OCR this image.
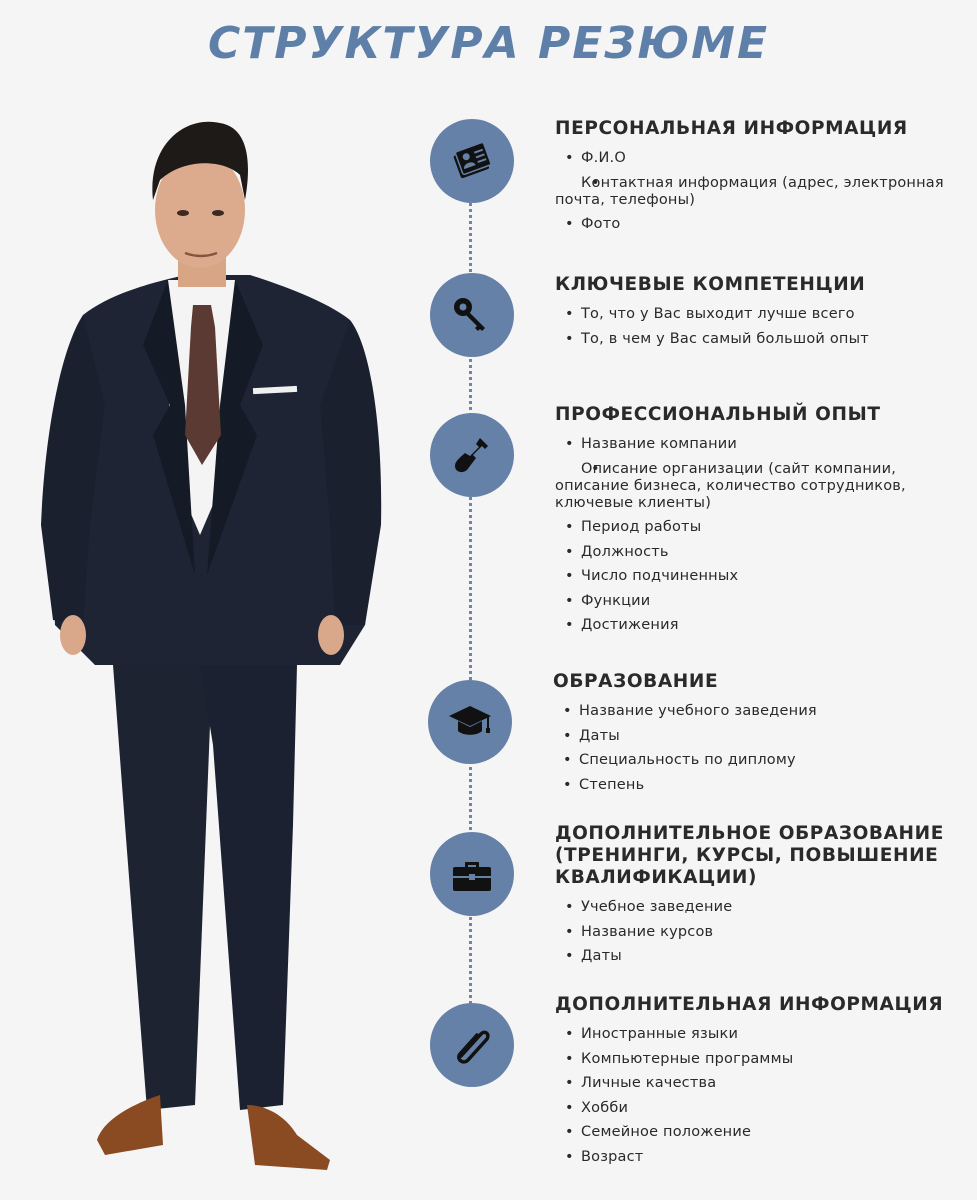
СТРУКТУРА РЕЗЮМЕ
ПЕРСОНАЛЬНАЯ ИНФОРМАЦИЯ
• Ф.И.О
• Контактная информация (адрес, электронная почта, телефоны)
• Фото
КЛЮЧЕВЫЕ КОМПЕТЕНЦИИ
• То, что у Вас выходит лучше всего
• То, в чем у Вас самый большой опыт
ПРОФЕССИОНАЛЬНЫЙ ОПЫТ
• Название компании
• Описание организации (сайт компании, описание бизнеса, количество сотрудников, ключевые клиенты)
• Период работы
• Должность
• Число подчиненных
• Функции
• Достижения
ОБРАЗОВАНИЕ
• Название учебного заведения
• Даты
• Специальность по диплому
• Степень
ДОПОЛНИТЕЛЬНОЕ ОБРАЗОВАНИЕ (ТРЕНИНГИ, КУРСЫ, ПОВЫШЕНИЕ КВАЛИФИКАЦИИ)
• Учебное заведение
• Название курсов
• Даты
ДОПОЛНИТЕЛЬНАЯ ИНФОРМАЦИЯ
• Иностранные языки
• Компьютерные программы
• Личные качества
• Хобби
• Семейное положение
• Возраст
